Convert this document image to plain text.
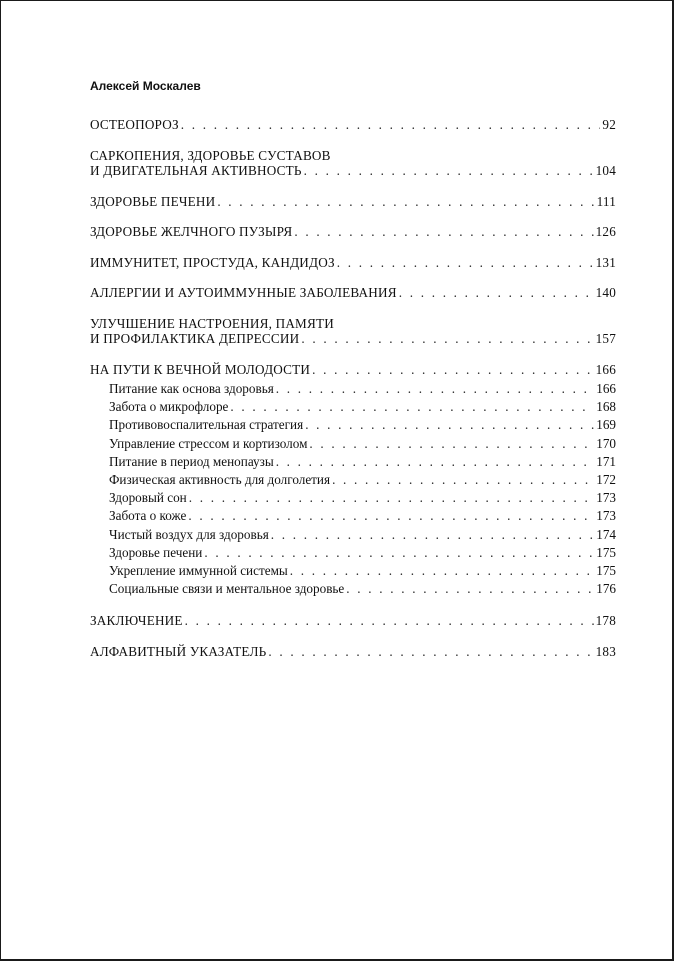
Алексей Москалев
ОСТЕОПОРОЗ . . .	92
САРКОПЕНИЯ, ЗДОРОВЬЕ СУСТАВОВ
И ДВИГАТЕЛЬНАЯ АКТИВНОСТЬ . . .	104
ЗДОРОВЬЕ ПЕЧЕНИ . . .	111
ЗДОРОВЬЕ ЖЕЛЧНОГО ПУЗЫРЯ . . .	126
ИММУНИТЕТ, ПРОСТУДА, КАНДИДОЗ . . .	131
АЛЛЕРГИИ И АУТОИММУННЫЕ ЗАБОЛЕВАНИЯ . . .	140
УЛУЧШЕНИЕ НАСТРОЕНИЯ, ПАМЯТИ
И ПРОФИЛАКТИКА ДЕПРЕССИИ . . .	157
НА ПУТИ К ВЕЧНОЙ МОЛОДОСТИ . . .	166
Питание как основа здоровья . . .	166
Забота о микрофлоре . . .	168
Противовоспалительная стратегия . . .	169
Управление стрессом и кортизолом . . .	170
Питание в период менопаузы . . .	171
Физическая активность для долголетия . . .	172
Здоровый сон . . .	173
Забота о коже . . .	173
Чистый воздух для здоровья . . .	174
Здоровье печени . . .	175
Укрепление иммунной системы . . .	175
Социальные связи и ментальное здоровье . . .	176
ЗАКЛЮЧЕНИЕ . . .	178
АЛФАВИТНЫЙ УКАЗАТЕЛЬ . . .	183
